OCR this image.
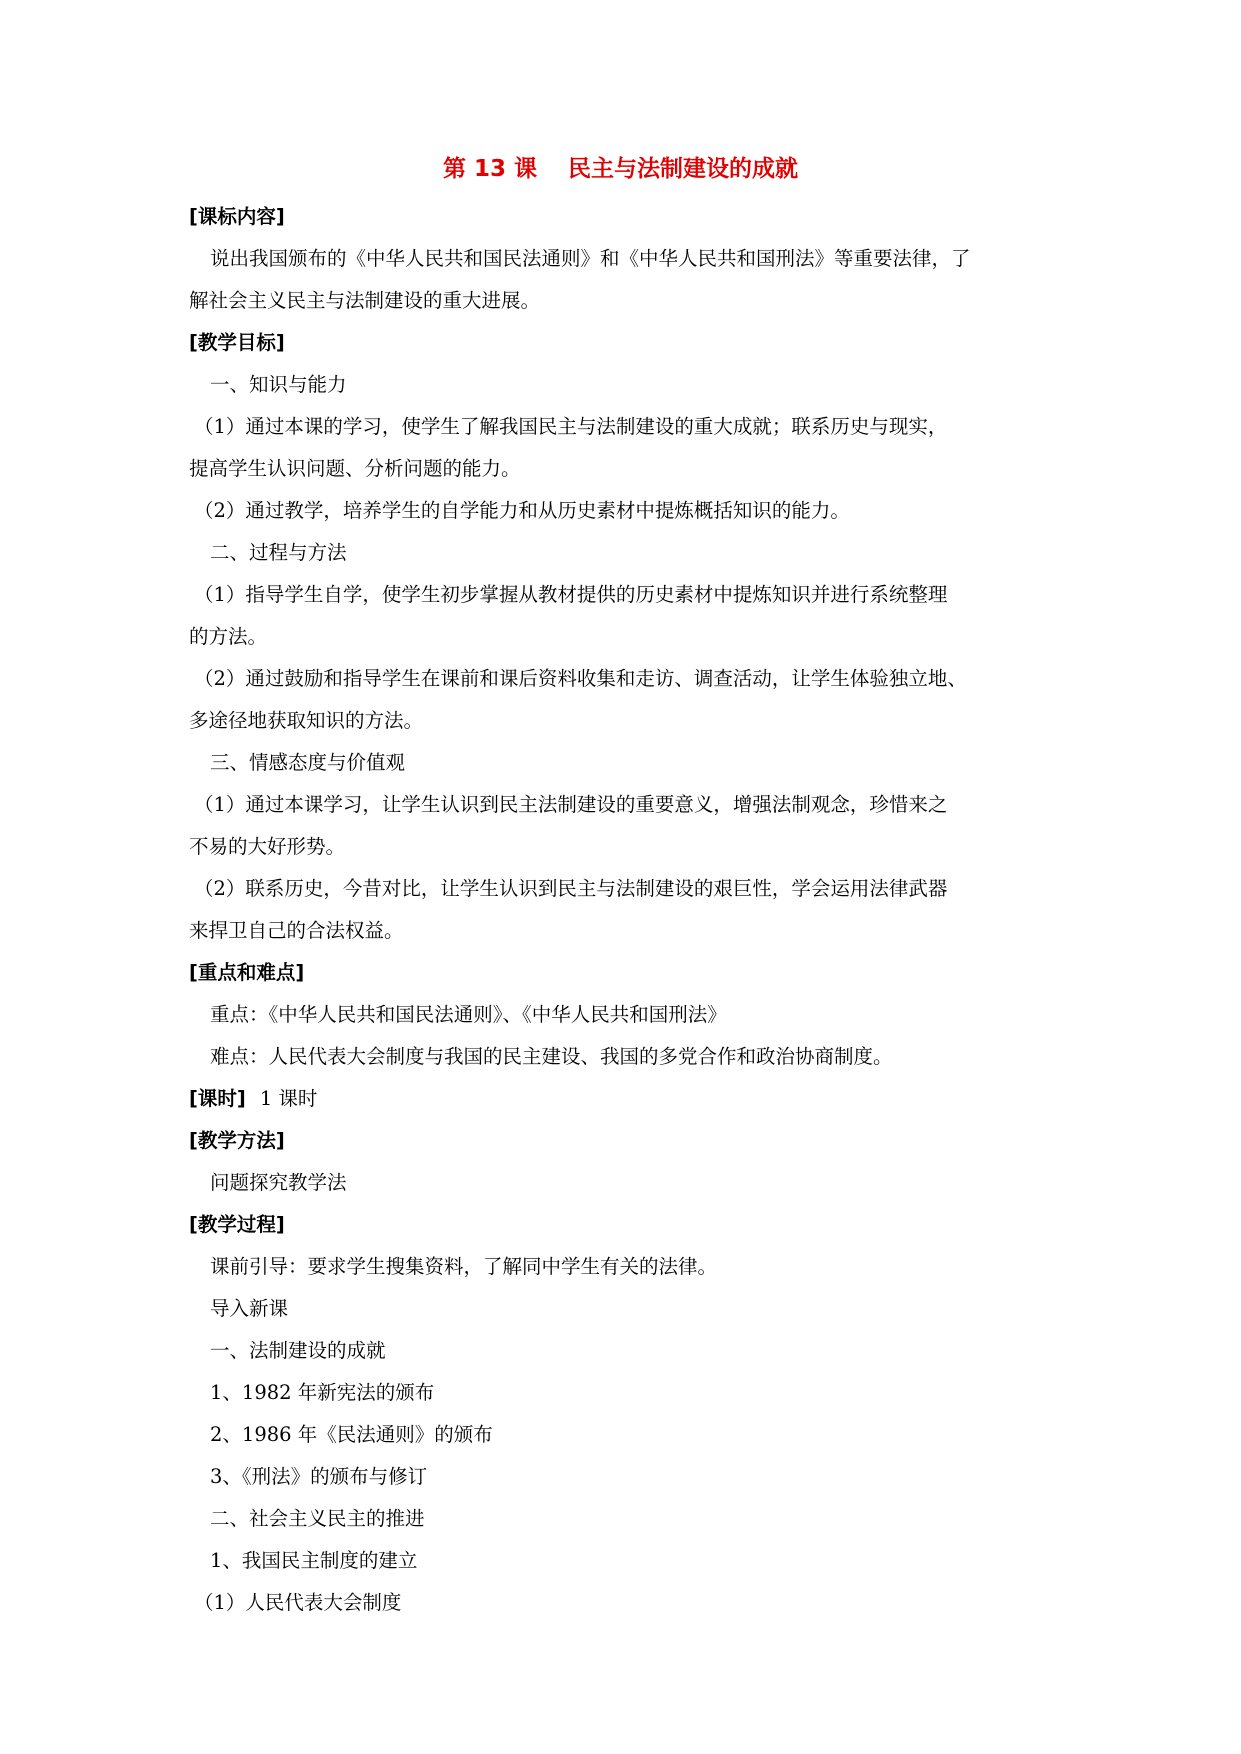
第 13 课　 民主与法制建设的成就
[课标内容]
说出我国颁布的《中华人民共和国民法通则》和《中华人民共和国刑法》等重要法律，了
解社会主义民主与法制建设的重大进展。
[教学目标]
一、知识与能力
（1）通过本课的学习，使学生了解我国民主与法制建设的重大成就；联系历史与现实，
提高学生认识问题、分析问题的能力。
（2）通过教学，培养学生的自学能力和从历史素材中提炼概括知识的能力。
二、过程与方法
（1）指导学生自学，使学生初步掌握从教材提供的历史素材中提炼知识并进行系统整理
的方法。
（2）通过鼓励和指导学生在课前和课后资料收集和走访、调查活动，让学生体验独立地、
多途径地获取知识的方法。
三、情感态度与价值观
（1）通过本课学习，让学生认识到民主法制建设的重要意义，增强法制观念，珍惜来之
不易的大好形势。
（2）联系历史，今昔对比，让学生认识到民主与法制建设的艰巨性，学会运用法律武器
来捍卫自己的合法权益。
[重点和难点]
重点：《中华人民共和国民法通则》、《中华人民共和国刑法》
难点：人民代表大会制度与我国的民主建设、我国的多党合作和政治协商制度。
[课时] 1 课时
[教学方法]
问题探究教学法
[教学过程]
课前引导：要求学生搜集资料，了解同中学生有关的法律。
导入新课
一、法制建设的成就
1、1982 年新宪法的颁布
2、1986 年《民法通则》的颁布
3、《刑法》的颁布与修订
二、社会主义民主的推进
1、我国民主制度的建立
（1）人民代表大会制度
